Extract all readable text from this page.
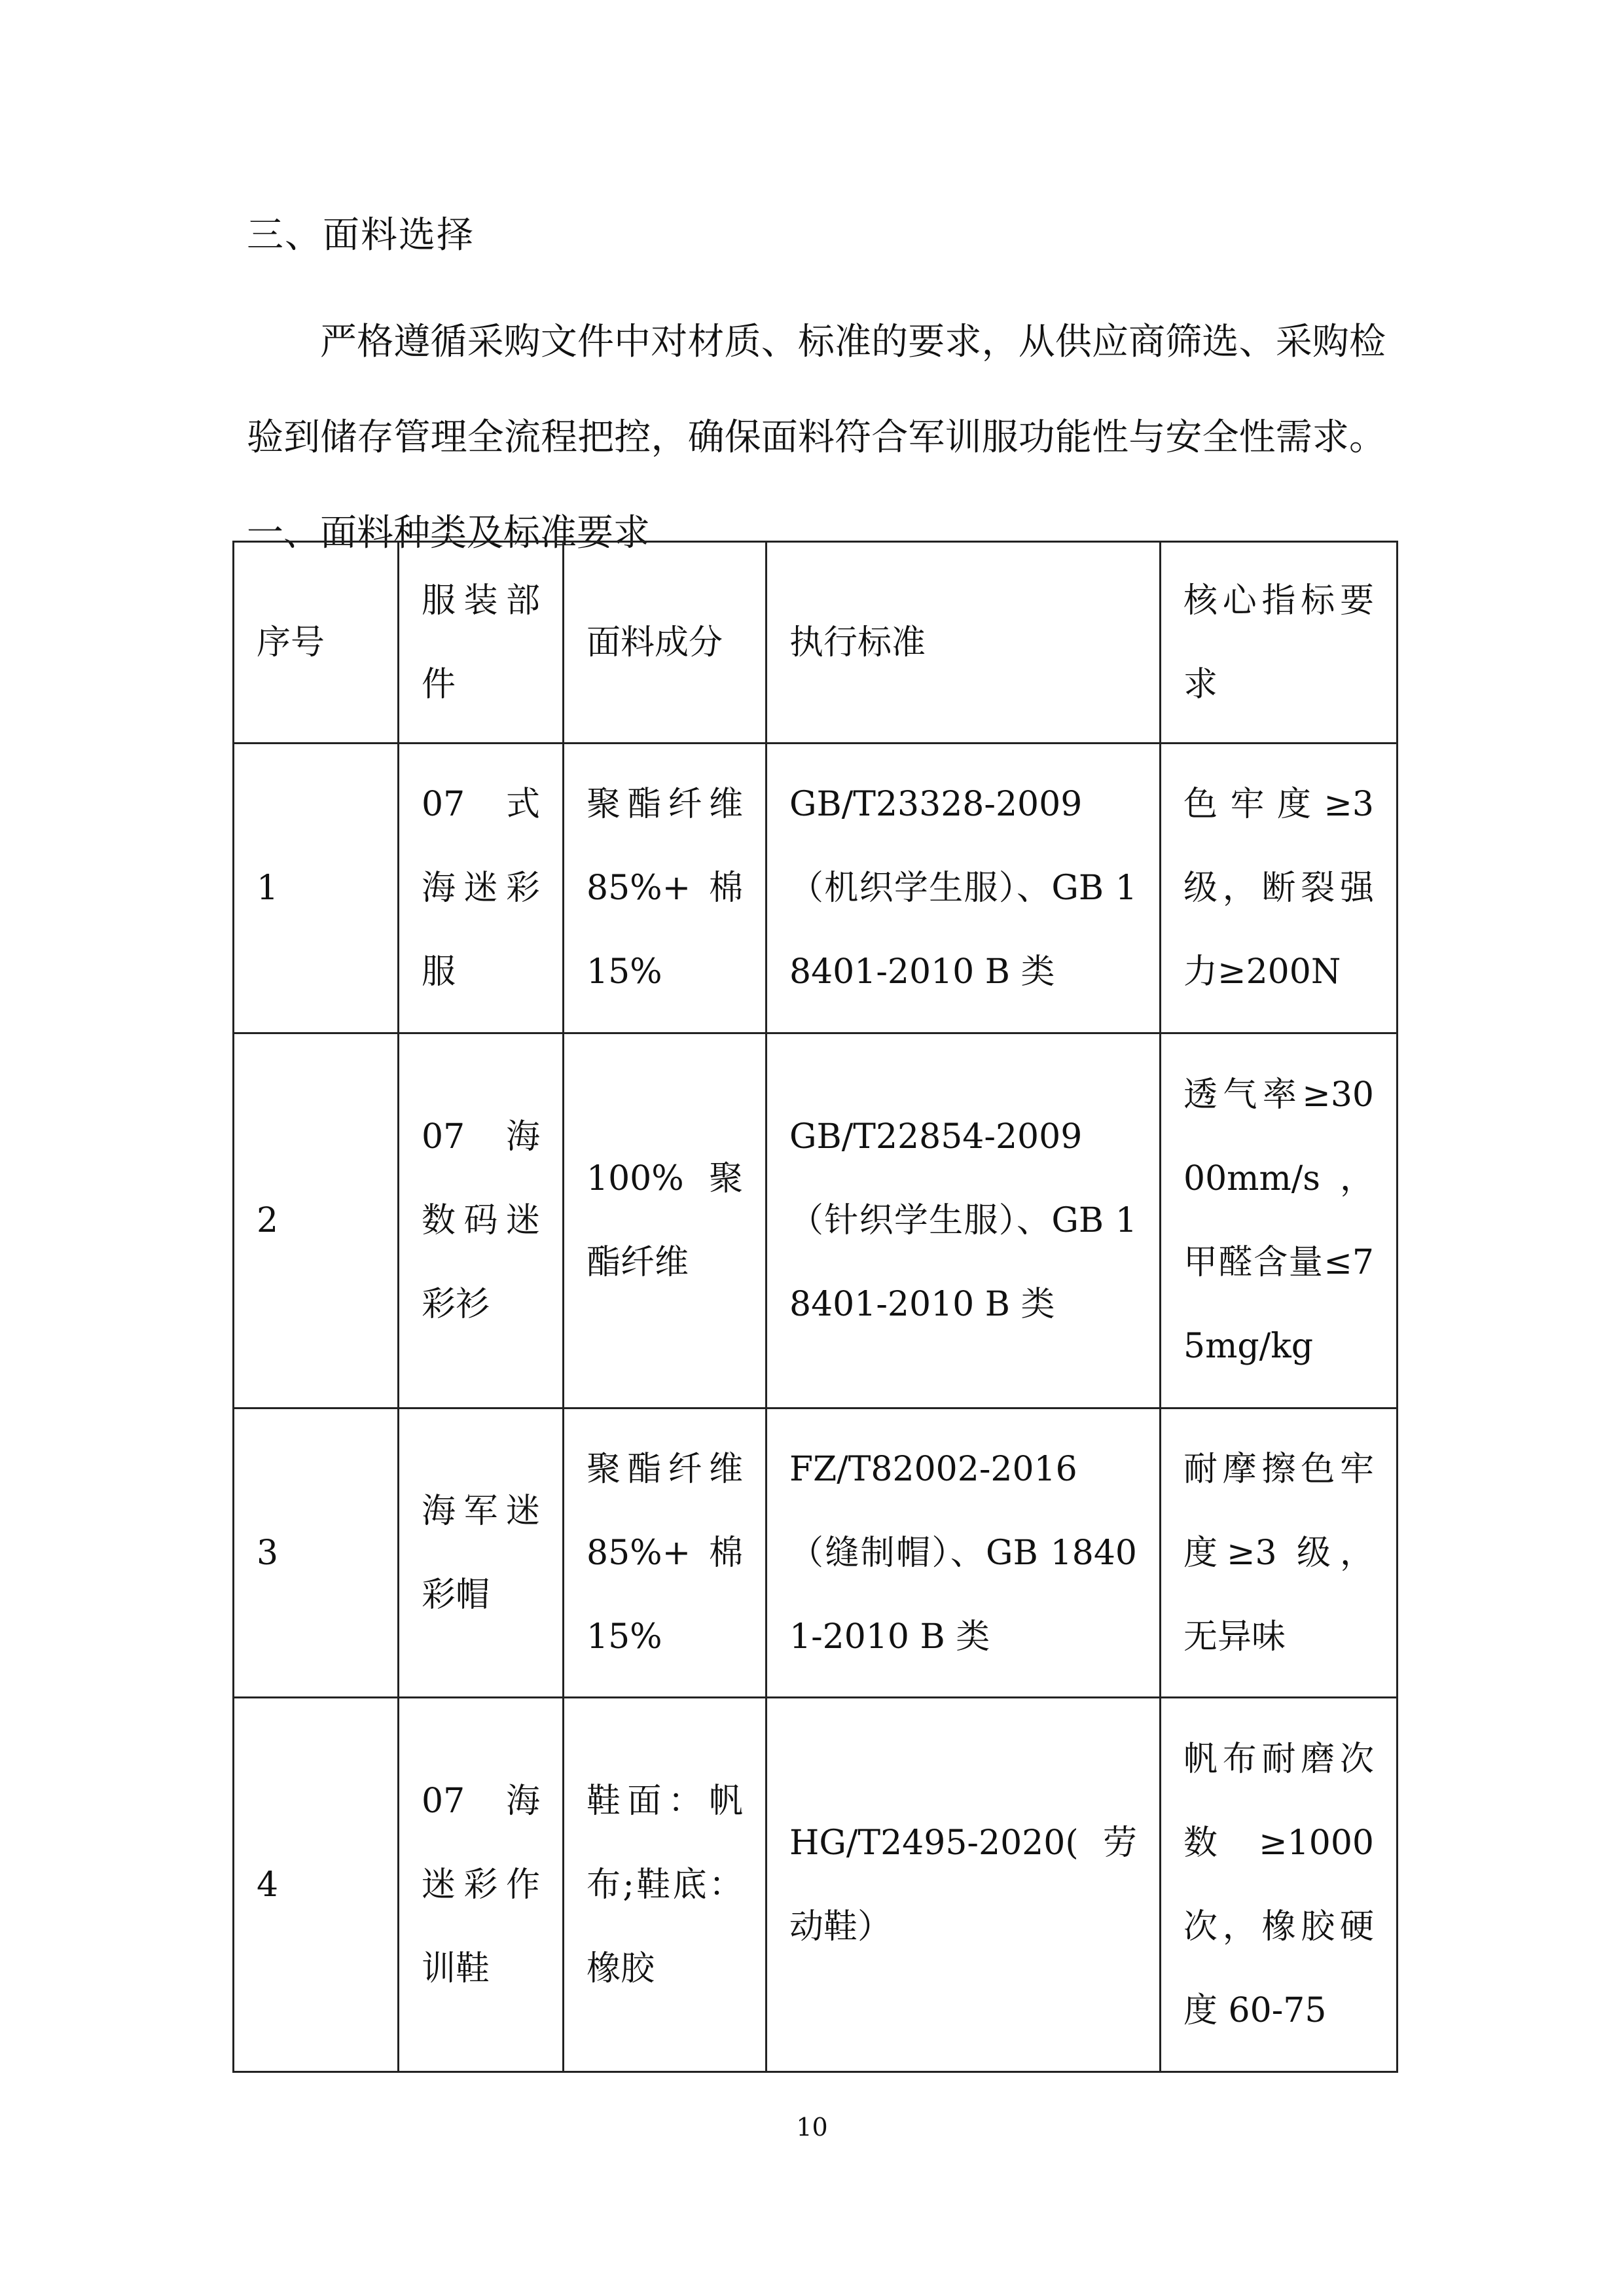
三、面料选择

严格遵循采购文件中对材质、标准的要求，从供应商筛选、采购检验到储存管理全流程把控，确保面料符合军训服功能性与安全性需求。一、面料种类及标准要求

序号	服装部件	面料成分	执行标准	核心指标要求
1	07 式海迷彩服	聚酯纤维85%+ 棉15%	GB/T23328-2009（机织学生服）、GB 18401-2010 B 类	色牢度≥3级，断裂强力≥200N
2	07 海数码迷彩衫	100% 聚酯纤维	GB/T22854-2009（针织学生服）、GB 18401-2010 B 类	透气率≥3000mm/s，甲醛含量≤75mg/kg
3	海军迷彩帽	聚酯纤维85%+ 棉15%	FZ/T82002-2016（缝制帽）、GB 18401-2010 B 类	耐摩擦色牢度≥3 级，无异味
4	07 海迷彩作训鞋	鞋面：帆布;鞋底：橡胶	HG/T2495-2020(劳动鞋）	帆布耐磨次数≥1000次，橡胶硬度 60-75
10
